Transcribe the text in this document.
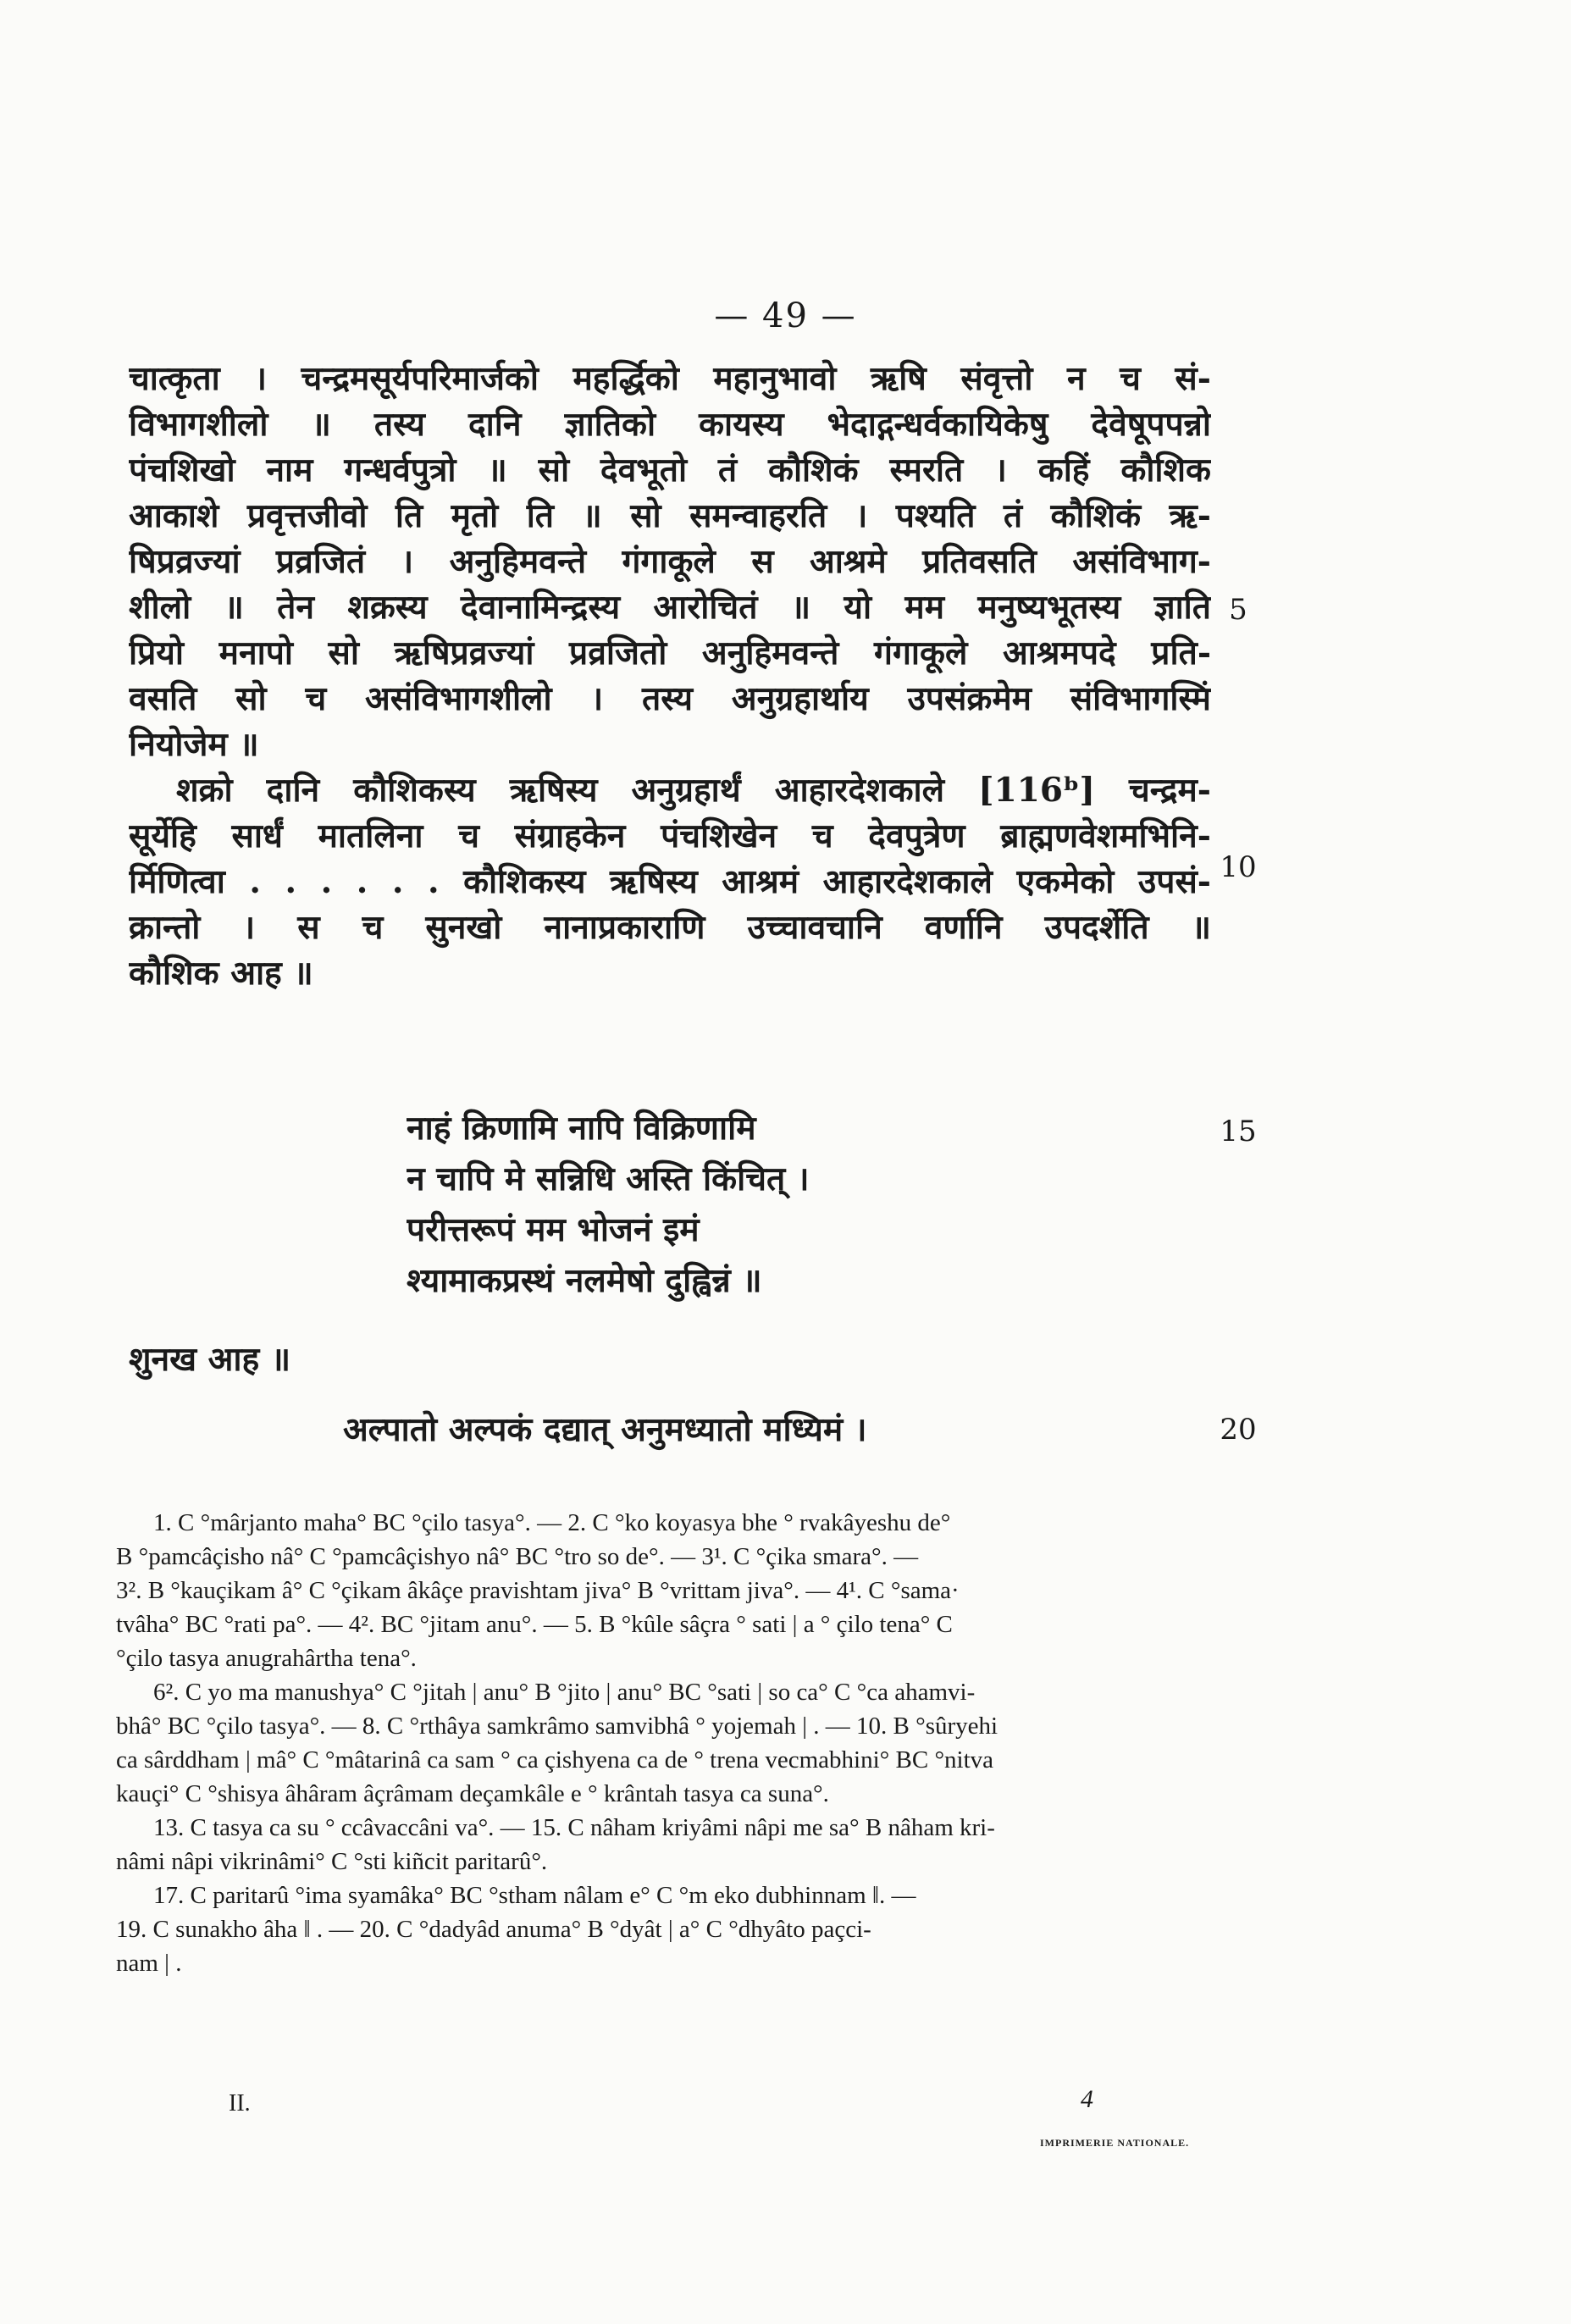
— 49 —
चात्कृता । चन्द्रमसूर्यपरिमार्जको महर्द्धिको महानुभावो ऋषि संवृत्तो न च सं-
विभागशीलो ॥ तस्य दानि ज्ञातिको कायस्य भेदाद्गन्धर्वकायिकेषु देवेषूपपन्नो
पंचशिखो नाम गन्धर्वपुत्रो ॥ सो देवभूतो तं कौशिकं स्मरति । कहिं कौशिक
आकाशे प्रवृत्तजीवो ति मृतो ति ॥ सो समन्वाहरति । पश्यति तं कौशिकं ऋ-
षिप्रव्रज्यां प्रव्रजितं । अनुहिमवन्ते गंगाकूले स आश्रमे प्रतिवसति असंविभाग-
शीलो ॥ तेन शक्रस्य देवानामिन्द्रस्य आरोचितं ॥ यो मम मनुष्यभूतस्य ज्ञाति
प्रियो मनापो सो ऋषिप्रव्रज्यां प्रव्रजितो अनुहिमवन्ते गंगाकूले आश्रमपदे प्रति-
वसति सो च असंविभागशीलो । तस्य अनुग्रहार्थाय उपसंक्रमेम संविभागस्मिं
नियोजेम ॥
शक्रो दानि कौशिकस्य ऋषिस्य अनुग्रहार्थं आहारदेशकाले [116ᵇ] चन्द्रम-
सूर्येहि सार्धं मातलिना च संग्राहकेन पंचशिखेन च देवपुत्रेण ब्राह्मणवेशमभिनि-
र्मिणित्वा . . . . . . कौशिकस्य ऋषिस्य आश्रमं आहारदेशकाले एकमेको उपसं-
क्रान्तो । स च सुनखो नानाप्रकाराणि उच्चावचानि वर्णानि उपदर्शेति ॥
कौशिक आह ॥
नाहं क्रिणामि नापि विक्रिणामि
न चापि मे सन्निधि अस्ति किंचित् ।
परीत्तरूपं मम भोजनं इमं
श्यामाकप्रस्थं नलमेषो दुह्विन्नं ॥
शुनख आह ॥
अल्पातो अल्पकं दद्यात् अनुमध्यातो मध्यिमं ।
5
10
15
20
1. C °mârjanto maha° BC °çilo tasya°. — 2. C °ko koyasya bhe ° rvakâyeshu de°
B °pamcâçisho nâ° C °pamcâçishyo nâ° BC °tro so de°. — 3¹. C °çika smara°. —
3². B °kauçikam â° C °çikam âkâçe pravishtam jiva° B °vrittam jiva°. — 4¹. C °sama·
tvâha° BC °rati pa°. — 4². BC °jitam anu°. — 5. B °kûle sâçra ° sati | a ° çilo tena° C
°çilo tasya anugrahârtha tena°.
6². C yo ma manushya° C °jitah | anu° B °jito | anu° BC °sati | so ca° C °ca ahamvi-
bhâ° BC °çilo tasya°. — 8. C °rthâya samkrâmo samvibhâ ° yojemah | . — 10. B °sûryehi
ca sârddham | mâ° C °mâtarinâ ca sam ° ca çishyena ca de ° trena vecmabhini° BC °nitva
kauçi° C °shisya âhâram âçrâmam deçamkâle e ° krântah tasya ca suna°.
13. C tasya ca su ° ccâvaccâni va°. — 15. C nâham kriyâmi nâpi me sa° B nâham kri-
nâmi nâpi vikrinâmi° C °sti kiñcit paritarû°.
17. C paritarû °ima syamâka° BC °stham nâlam e° C °m eko dubhinnam ‖. —
19. C sunakho âha ‖ . — 20. C °dadyâd anuma° B °dyât | a° C °dhyâto paçci-
nam | .
II.	4
IMPRIMERIE NATIONALE.
